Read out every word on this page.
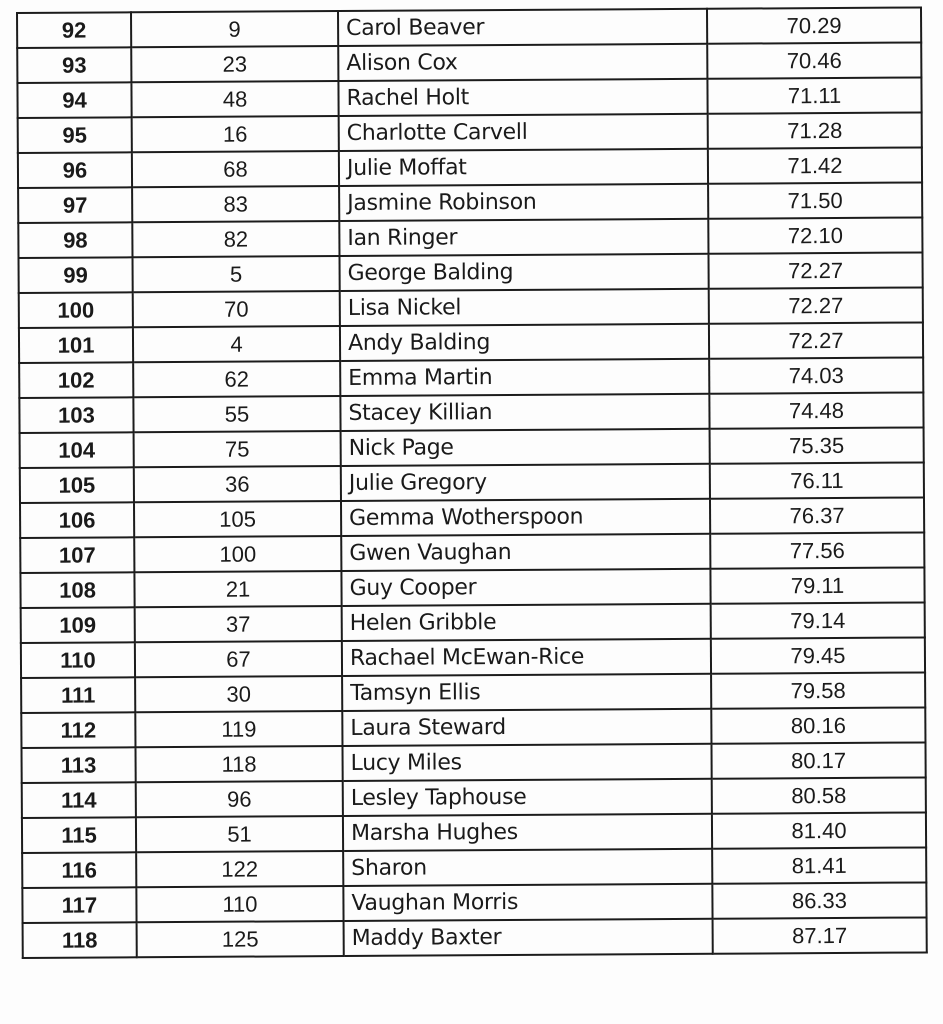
92	9	Carol Beaver	70.29
93	23	Alison Cox	70.46
94	48	Rachel Holt	71.11
95	16	Charlotte Carvell	71.28
96	68	Julie Moffat	71.42
97	83	Jasmine Robinson	71.50
98	82	Ian Ringer	72.10
99	5	George Balding	72.27
100	70	Lisa Nickel	72.27
101	4	Andy Balding	72.27
102	62	Emma Martin	74.03
103	55	Stacey Killian	74.48
104	75	Nick Page	75.35
105	36	Julie Gregory	76.11
106	105	Gemma Wotherspoon	76.37
107	100	Gwen Vaughan	77.56
108	21	Guy Cooper	79.11
109	37	Helen Gribble	79.14
110	67	Rachael McEwan-Rice	79.45
111	30	Tamsyn Ellis	79.58
112	119	Laura Steward	80.16
113	118	Lucy Miles	80.17
114	96	Lesley Taphouse	80.58
115	51	Marsha Hughes	81.40
116	122	Sharon	81.41
117	110	Vaughan Morris	86.33
118	125	Maddy Baxter	87.17
